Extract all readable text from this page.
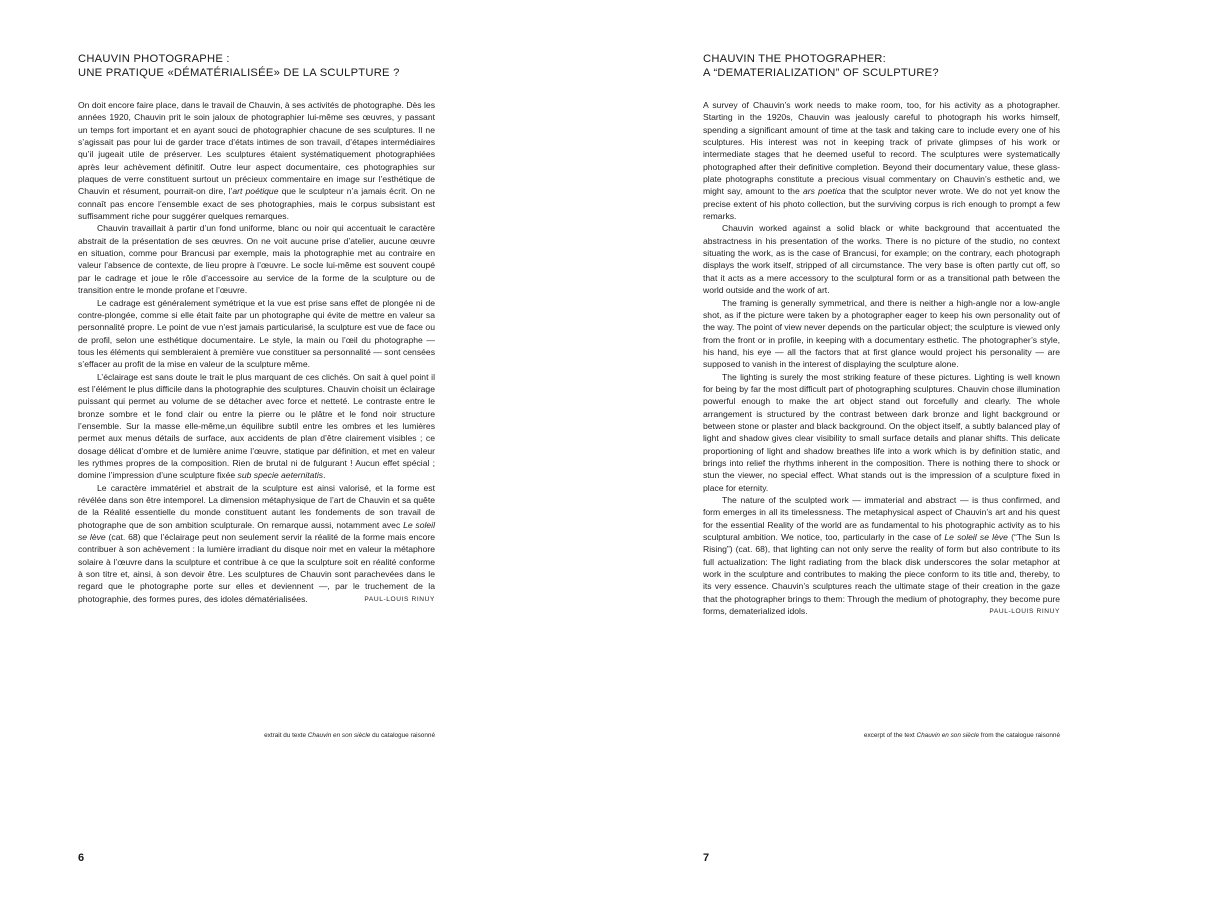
CHAUVIN PHOTOGRAPHE :
UNE PRATIQUE «DÉMATÉRIALISÉE» DE LA SCULPTURE ?

On doit encore faire place, dans le travail de Chauvin, à ses activités de photographe. Dès les années 1920, Chauvin prit le soin jaloux de photographier lui-même ses œuvres, y passant un temps fort important et en ayant souci de photographier chacune de ses sculptures. Il ne s’agissait pas pour lui de garder trace d’états intimes de son travail, d’étapes intermédiaires qu’il jugeait utile de préserver. Les sculptures étaient systématiquement photographiées après leur achèvement définitif. Outre leur aspect documentaire, ces photographies sur plaques de verre constituent surtout un précieux commentaire en image sur l’esthétique de Chauvin et résument, pourrait-on dire, l’art poétique que le sculpteur n’a jamais écrit. On ne connaît pas encore l’ensemble exact de ses photographies, mais le corpus subsistant est suffisamment riche pour suggérer quelques remarques.

Chauvin travaillait à partir d’un fond uniforme, blanc ou noir qui accentuait le caractère abstrait de la présentation de ses œuvres. On ne voit aucune prise d’atelier, aucune œuvre en situation, comme pour Brancusi par exemple, mais la photographie met au contraire en valeur l’absence de contexte, de lieu propre à l’œuvre. Le socle lui-même est souvent coupé par le cadrage et joue le rôle d’accessoire au service de la forme de la sculpture ou de transition entre le monde profane et l’œuvre.

Le cadrage est généralement symétrique et la vue est prise sans effet de plongée ni de contre-plongée, comme si elle était faite par un photographe qui évite de mettre en valeur sa personnalité propre. Le point de vue n’est jamais particularisé, la sculpture est vue de face ou de profil, selon une esthétique documentaire. Le style, la main ou l’œil du photographe — tous les éléments qui sembleraient à première vue constituer sa personnalité — sont censées s’effacer au profit de la mise en valeur de la sculpture même.

L’éclairage est sans doute le trait le plus marquant de ces clichés. On sait à quel point il est l’élément le plus difficile dans la photographie des sculptures. Chauvin choisit un éclairage puissant qui permet au volume de se détacher avec force et netteté. Le contraste entre le bronze sombre et le fond clair ou entre la pierre ou le plâtre et le fond noir structure l’ensemble. Sur la masse elle-même,un équilibre subtil entre les ombres et les lumières permet aux menus détails de surface, aux accidents de plan d’être clairement visibles ; ce dosage délicat d’ombre et de lumière anime l’œuvre, statique par définition, et met en valeur les rythmes propres de la composition. Rien de brutal ni de fulgurant ! Aucun effet spécial ; domine l’impression d’une sculpture fixée sub specie aeternitatis.

Le caractère immatériel et abstrait de la sculpture est ainsi valorisé, et la forme est révélée dans son être intemporel. La dimension métaphysique de l’art de Chauvin et sa quête de la Réalité essentielle du monde constituent autant les fondements de son travail de photographe que de son ambition sculpturale. On remarque aussi, notamment avec Le soleil se lève (cat. 68) que l’éclairage peut non seulement servir la réalité de la forme mais encore contribuer à son achèvement : la lumière irradiant du disque noir met en valeur la métaphore solaire à l’œuvre dans la sculpture et contribue à ce que la sculpture soit en réalité conforme à son titre et, ainsi, à son devoir être. Les sculptures de Chauvin sont parachevées dans le regard que le photographe porte sur elles et deviennent —, par le truchement de la photographie, des formes pures, des idoles dématérialisées.	PAUL-LOUIS RINUY
extrait du texte Chauvin en son siècle du catalogue raisonné
6
CHAUVIN THE PHOTOGRAPHER:
A “DEMATERIALIZATION” OF SCULPTURE?

A survey of Chauvin’s work needs to make room, too, for his activity as a photographer. Starting in the 1920s, Chauvin was jealously careful to photograph his works himself, spending a significant amount of time at the task and taking care to include every one of his sculptures. His interest was not in keeping track of private glimpses of his work or intermediate stages that he deemed useful to record. The sculptures were systematically photographed after their definitive completion. Beyond their documentary value, these glass-plate photographs constitute a precious visual commentary on Chauvin’s esthetic and, we might say, amount to the ars poetica that the sculptor never wrote. We do not yet know the precise extent of his photo collection, but the surviving corpus is rich enough to prompt a few remarks.

Chauvin worked against a solid black or white background that accentuated the abstractness in his presentation of the works. There is no picture of the studio, no context situating the work, as is the case of Brancusi, for example; on the contrary, each photograph displays the work itself, stripped of all circumstance. The very base is often partly cut off, so that it acts as a mere accessory to the sculptural form or as a transitional path between the world outside and the work of art.

The framing is generally symmetrical, and there is neither a high-angle nor a low-angle shot, as if the picture were taken by a photographer eager to keep his own personality out of the way. The point of view never depends on the particular object; the sculpture is viewed only from the front or in profile, in keeping with a documentary esthetic. The photographer’s style, his hand, his eye — all the factors that at first glance would project his personality — are supposed to vanish in the interest of displaying the sculpture alone.

The lighting is surely the most striking feature of these pictures. Lighting is well known for being by far the most difficult part of photographing sculptures. Chauvin chose illumination powerful enough to make the art object stand out forcefully and clearly. The whole arrangement is structured by the contrast between dark bronze and light background or between stone or plaster and black background. On the object itself, a subtly balanced play of light and shadow gives clear visibility to small surface details and planar shifts. This delicate proportioning of light and shadow breathes life into a work which is by definition static, and brings into relief the rhythms inherent in the composition. There is nothing there to shock or stun the viewer, no special effect. What stands out is the impression of a sculpture fixed in place for eternity.

The nature of the sculpted work — immaterial and abstract — is thus confirmed, and form emerges in all its timelessness. The metaphysical aspect of Chauvin’s art and his quest for the essential Reality of the world are as fundamental to his photographic activity as to his sculptural ambition. We notice, too, particularly in the case of Le soleil se lève (“The Sun Is Rising”) (cat. 68), that lighting can not only serve the reality of form but also contribute to its full actualization: The light radiating from the black disk underscores the solar metaphor at work in the sculpture and contributes to making the piece conform to its title and, thereby, to its very essence. Chauvin’s sculptures reach the ultimate stage of their creation in the gaze that the photographer brings to them: Through the medium of photography, they become pure forms, dematerialized idols.	PAUL-LOUIS RINUY
excerpt of the text Chauvin en son siècle from the catalogue raisonné
7
